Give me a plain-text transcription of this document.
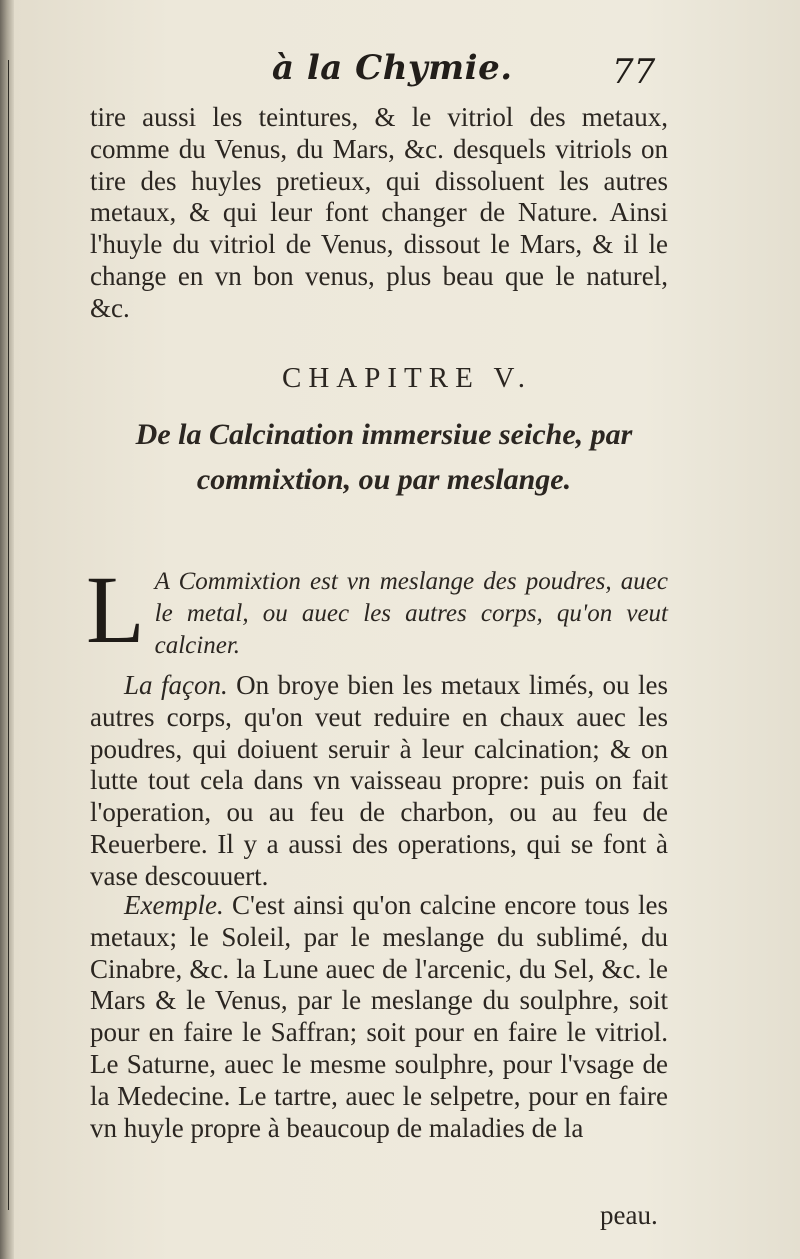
à la Chymie.	77
tire aussi les teintures, & le vitriol des metaux, comme du Venus, du Mars, &c. desquels vitriols on tire des huyles pretieux, qui dissoluent les autres metaux, & qui leur font changer de Nature. Ainsi l'huyle du vitriol de Venus, dissout le Mars, & il le change en vn bon venus, plus beau que le naturel, &c.
CHAPITRE V.
De la Calcination immersiue seiche, par commixtion, ou par meslange.
L A Commixtion est vn meslange des poudres, auec le metal, ou auec les autres corps, qu'on veut calciner.
La façon. On broye bien les metaux limés, ou les autres corps, qu'on veut reduire en chaux auec les poudres, qui doiuent seruir à leur calcination; & on lutte tout cela dans vn vaisseau propre: puis on fait l'operation, ou au feu de charbon, ou au feu de Reuerbere. Il y a aussi des operations, qui se font à vase descouuert.
Exemple. C'est ainsi qu'on calcine encore tous les metaux; le Soleil, par le meslange du sublimé, du Cinabre, &c. la Lune auec de l'arcenic, du Sel, &c. le Mars & le Venus, par le meslange du soulphre, soit pour en faire le Saffran; soit pour en faire le vitriol. Le Saturne, auec le mesme soulphre, pour l'vsage de la Medecine. Le tartre, auec le selpetre, pour en faire vn huyle propre à beaucoup de maladies de la
peau.
